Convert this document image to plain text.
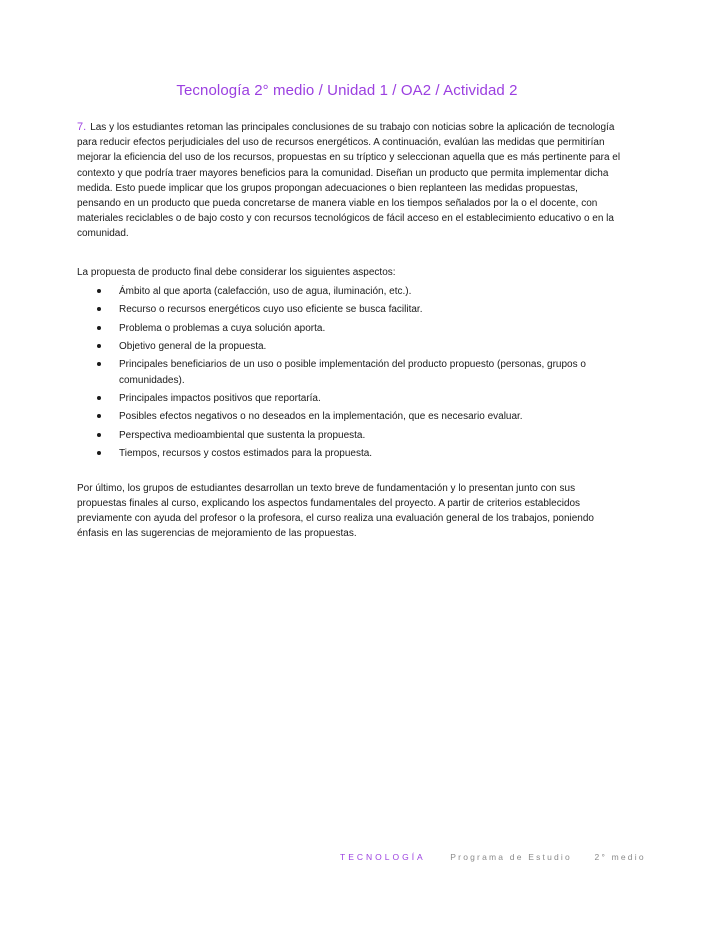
Tecnología 2° medio / Unidad 1 / OA2 / Actividad 2

7. Las y los estudiantes retoman las principales conclusiones de su trabajo con noticias sobre la aplicación de tecnología para reducir efectos perjudiciales del uso de recursos energéticos. A continuación, evalúan las medidas que permitirían mejorar la eficiencia del uso de los recursos, propuestas en su tríptico y seleccionan aquella que es más pertinente para el contexto y que podría traer mayores beneficios para la comunidad. Diseñan un producto que permita implementar dicha medida. Esto puede implicar que los grupos propongan adecuaciones o bien replanteen las medidas propuestas, pensando en un producto que pueda concretarse de manera viable en los tiempos señalados por la o el docente, con materiales reciclables o de bajo costo y con recursos tecnológicos de fácil acceso en el establecimiento educativo o en la comunidad.

La propuesta de producto final debe considerar los siguientes aspectos:

Ámbito al que aporta (calefacción, uso de agua, iluminación, etc.).
Recurso o recursos energéticos cuyo uso eficiente se busca facilitar.
Problema o problemas a cuya solución aporta.
Objetivo general de la propuesta.
Principales beneficiarios de un uso o posible implementación del producto propuesto (personas, grupos o comunidades).
Principales impactos positivos que reportaría.
Posibles efectos negativos o no deseados en la implementación, que es necesario evaluar.
Perspectiva medioambiental que sustenta la propuesta.
Tiempos, recursos y costos estimados para la propuesta.

Por último, los grupos de estudiantes desarrollan un texto breve de fundamentación y lo presentan junto con sus propuestas finales al curso, explicando los aspectos fundamentales del proyecto. A partir de criterios establecidos previamente con ayuda del profesor o la profesora, el curso realiza una evaluación general de los trabajos, poniendo énfasis en las sugerencias de mejoramiento de las propuestas.

TECNOLOGÍA	Programa de Estudio	2° medio
